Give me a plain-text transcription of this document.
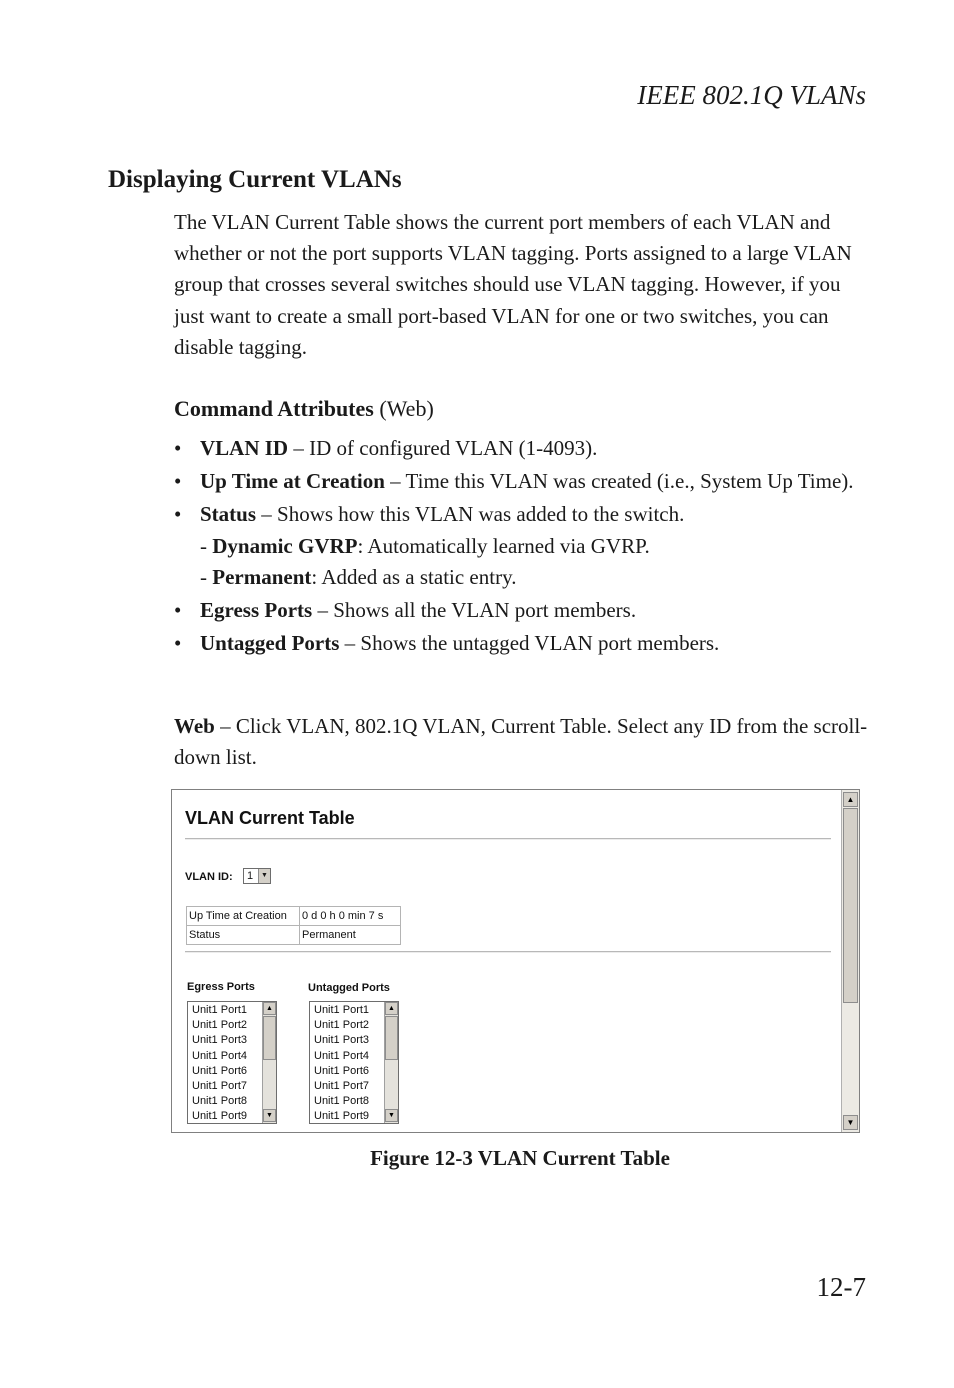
IEEE 802.1Q VLANs
Displaying Current VLANs

The VLAN Current Table shows the current port members of each VLAN and whether or not the port supports VLAN tagging. Ports assigned to a large VLAN group that crosses several switches should use VLAN tagging. However, if you just want to create a small port-based VLAN for one or two switches, you can disable tagging.

Command Attributes (Web)

• VLAN ID – ID of configured VLAN (1-4093).
• Up Time at Creation – Time this VLAN was created (i.e., System Up Time).
• Status – Shows how this VLAN was added to the switch.
- Dynamic GVRP: Automatically learned via GVRP.
- Permanent: Added as a static entry.
• Egress Ports – Shows all the VLAN port members.
• Untagged Ports – Shows the untagged VLAN port members.

Web – Click VLAN, 802.1Q VLAN, Current Table. Select any ID from the scroll-down list.

VLAN Current Table
VLAN ID: 1	▼
Up Time at Creation	0 d 0 h 0 min 7 s
Status	Permanent
Egress Ports	Untagged Ports
Unit1 Port1
Unit1 Port2
Unit1 Port3
Unit1 Port4
Unit1 Port6
Unit1 Port7
Unit1 Port8
Unit1 Port9
▲
▼
Unit1 Port1
Unit1 Port2
Unit1 Port3
Unit1 Port4
Unit1 Port6
Unit1 Port7
Unit1 Port8
Unit1 Port9
▲
▼
▲
▼
Figure 12-3 VLAN Current Table
12-7
